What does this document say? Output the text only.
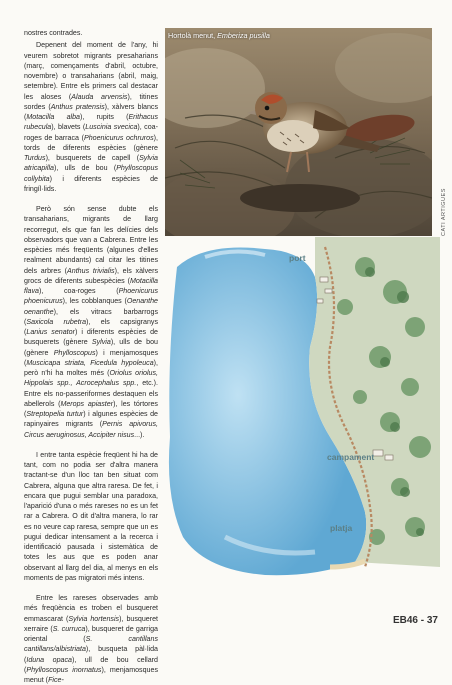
nostres contrades.

Depenent del moment de l'any, hi veurem sobretot migrants presaharians (març, començaments d'abril, octubre, novembre) o transaharians (abril, maig, setembre). Entre els primers cal destacar les aloses (Alauda arvensis), titines sordes (Anthus pratensis), xàlvers blancs (Motacilla alba), rupits (Erithacus rubecula), blavets (Luscinia svecica), coa-roges de barraca (Phoenicurus ochruros), tords de diferents espècies (gènere Turdus), busquerets de capell (Sylvia atricapilla), ulls de bou (Phylloscopus collybita) i diferents espècies de fringíl·lids.

Però són sense dubte els transaharians, migrants de llarg recorregut, els que fan les delícies dels observadors que van a Cabrera. Entre les espècies més freqüents (algunes d'elles realment abundants) cal citar les titines dels arbres (Anthus trivialis), els xàlvers grocs de diferents subespècies (Motacilla flava), coa-roges (Phoenicurus phoenicurus), les cobblanques (Oenanthe oenanthe), els vitracs barbarrogs (Saxicola rubetra), els capsigranys (Lanius senator) i diferents espècies de busquerets (gènere Sylvia), ulls de bou (gènere Phylloscopus) i menjamosques (Muscicapa striata, Ficedula hypoleuca), però n'hi ha moltes més (Oriolus oriolus, Hippolais spp., Acrocephalus spp., etc.). Entre els no-passeriformes destaquen els abellerols (Merops apiaster), les tórtores (Streptopelia turtur) i algunes espècies de rapinyaires migrants (Pernis apivorus, Circus aeruginosus, Accipiter nisus...).

I entre tanta espècie freqüent hi ha de tant, com no podia ser d'altra manera tractant-se d'un lloc tan ben situat com Cabrera, alguna que altra raresa. De fet, i encara que pugui semblar una paradoxa, l'aparició d'una o més rareses no es un fet rar a Cabrera. O dit d'altra manera, lo rar es no veure cap raresa, sempre que un es pugui dedicar intensament a la recerca i identificació pausada i sistemàtica de totes les aus que es poden anar observant al llarg del dia, al menys en els moments de pas migratori més intens.

Entre les rareses observades amb més freqüència es troben el busqueret emmascarat (Sylvia hortensis), busqueret xerraire (S. curruca), busqueret de garriga oriental (S. cantillans cantillans/albistriata), busqueta pàl·lida (Iduna opaca), ull de bou cellard (Phylloscopus inornatus), menjamosques menut (Fice-

Hortolà menut, Emberiza pusilla
CATI ARTIGUES
port
campament
platja
EB46 - 37
